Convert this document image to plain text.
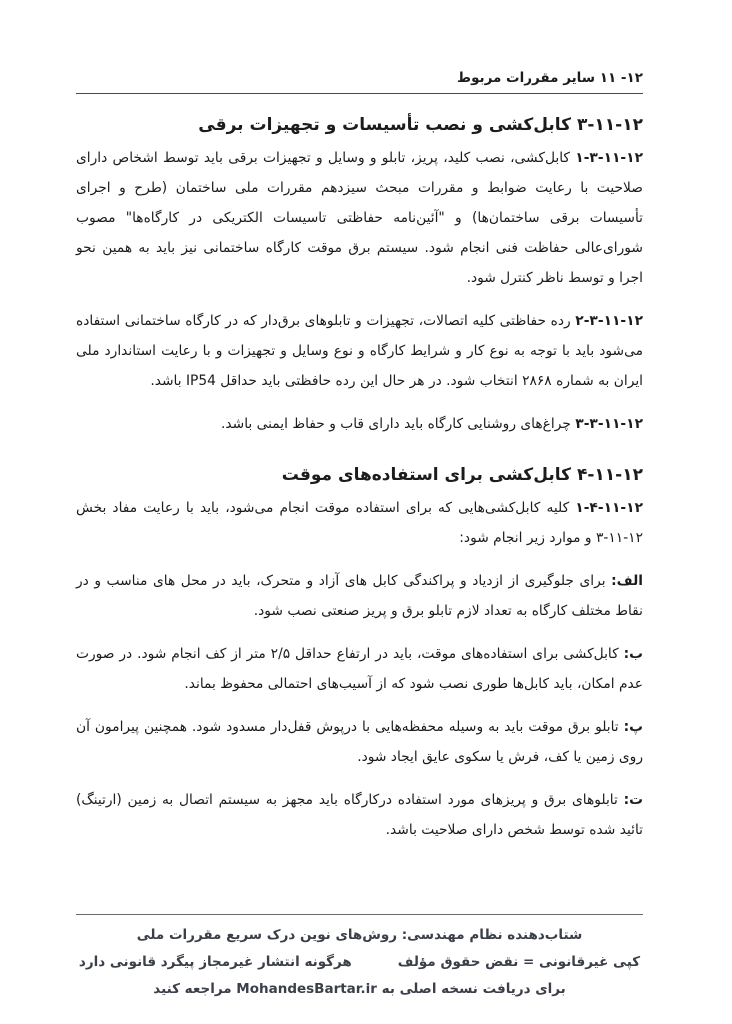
۱۲‑ ۱۱ سایر مقررات مربوط
۱۲‑۱۱‑۳ کابل‌کشی و نصب تأسیسات و تجهیزات برقی

۱۲‑۱۱‑۳‑۱ کابل‌کشی، نصب کلید، پریز، تابلو و وسایل و تجهیزات برقی باید توسط اشخاص دارای صلاحیت با رعایت ضوابط و مقررات مبحث سیزدهم مقررات ملی ساختمان (طرح و اجرای تأسیسات برقی ساختمان‌ها) و "آئین‌نامه حفاظتی تاسیسات الکتریکی در کارگاه‌ها" مصوب شورای‌عالی حفاظت فنی انجام شود. سیستم برق موقت کارگاه ساختمانی نیز باید به همین نحو اجرا و توسط ناظر کنترل شود.

۱۲‑۱۱‑۳‑۲ رده حفاظتی کلیه اتصالات، تجهیزات و تابلوهای برق‌دار که در کارگاه ساختمانی استفاده می‌شود باید با توجه به نوع کار و شرایط کارگاه و نوع وسایل و تجهیزات و با رعایت استاندارد ملی ایران به شماره ۲۸۶۸ انتخاب شود. در هر حال این رده حافظتی باید حداقل IP54 باشد.

۱۲‑۱۱‑۳‑۳ چراغ‌های روشنایی کارگاه باید دارای قاب و حفاظ ایمنی باشد.

۱۲‑۱۱‑۴ کابل‌کشی برای استفاده‌های موقت

۱۲‑۱۱‑۴‑۱ کلیه کابل‌کشی‌هایی که برای استفاده موقت انجام می‌شود، باید با رعایت مفاد بخش ۱۲‑۱۱‑۳ و موارد زیر انجام شود:

الف: برای جلوگیری از ازدیاد و پراکندگی کابل های آزاد و متحرک، باید در محل های مناسب و در نقاط مختلف کارگاه به تعداد لازم تابلو برق و پریز صنعتی نصب شود.

ب: کابل‌کشی برای استفاده‌های موقت، باید در ارتفاع حداقل ۲/۵ متر از کف انجام شود. در صورت عدم امکان، باید کابل‌ها طوری نصب شود که از آسیب‌های احتمالی محفوظ بماند.

پ: تابلو برق موقت باید به وسیله محفظه‌هایی با درپوش قفل‌دار مسدود شود. همچنین پیرامون آن روی زمین یا کف، فرش یا سکوی عایق ایجاد شود.

ت: تابلوهای برق و پریزهای مورد استفاده درکارگاه باید مجهز به سیستم اتصال به زمین (ارتینگ) تائید شده توسط شخص دارای صلاحیت باشد.

شتاب‌دهنده نظام مهندسی: روش‌های نوین درک سریع مقررات ملی
کپی غیرقانونی = نقض حقوق مؤلف
هرگونه انتشار غیرمجاز پیگرد قانونی دارد
برای دریافت نسخه اصلی به MohandesBartar.ir مراجعه کنید
